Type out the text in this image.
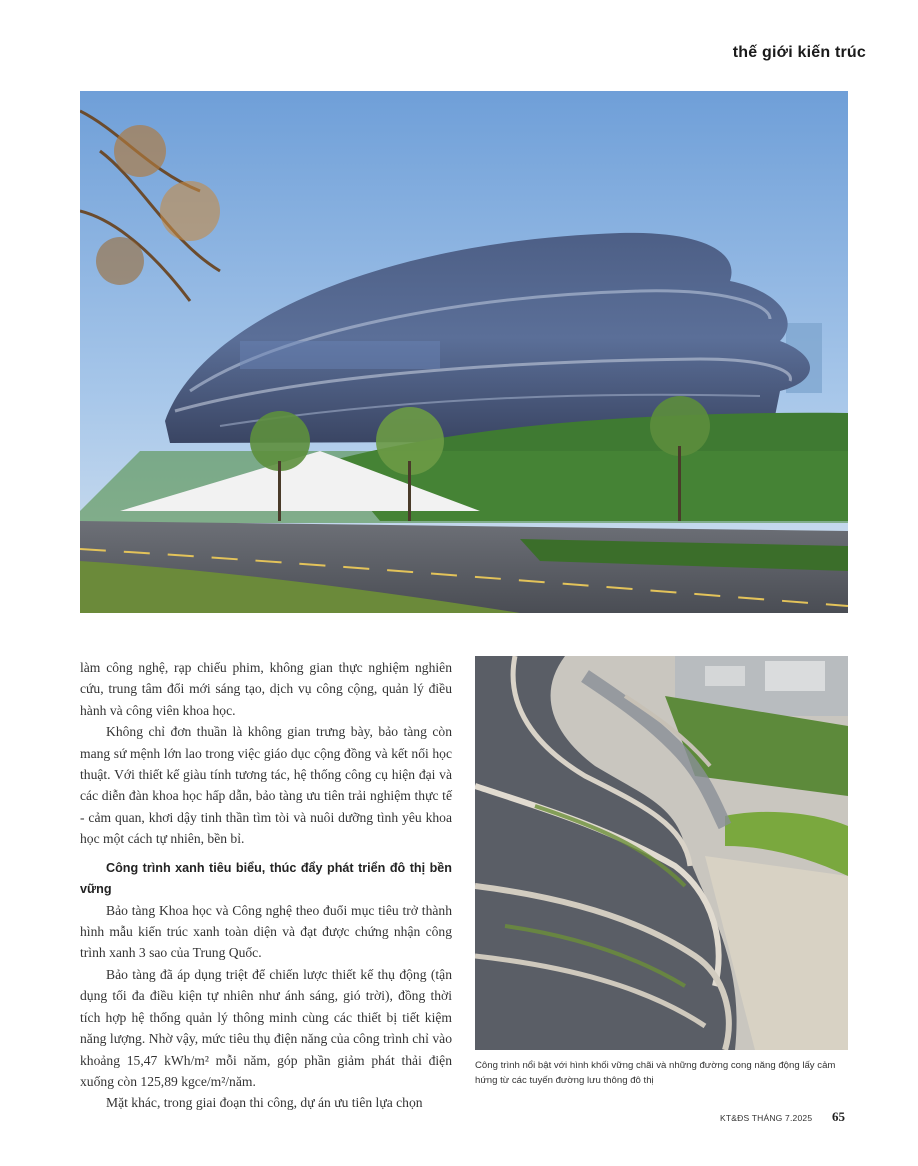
thế giới kiến trúc

làm công nghệ, rạp chiếu phim, không gian thực nghiệm nghiên cứu, trung tâm đổi mới sáng tạo, dịch vụ công cộng, quản lý điều hành và công viên khoa học.

Không chỉ đơn thuần là không gian trưng bày, bảo tàng còn mang sứ mệnh lớn lao trong việc giáo dục cộng đồng và kết nối học thuật. Với thiết kế giàu tính tương tác, hệ thống công cụ hiện đại và các diễn đàn khoa học hấp dẫn, bảo tàng ưu tiên trải nghiệm thực tế - cảm quan, khơi dậy tinh thần tìm tòi và nuôi dưỡng tình yêu khoa học một cách tự nhiên, bền bỉ.

Công trình xanh tiêu biểu, thúc đẩy phát triển đô thị bền vững

Bảo tàng Khoa học và Công nghệ theo đuổi mục tiêu trở thành hình mẫu kiến trúc xanh toàn diện và đạt được chứng nhận công trình xanh 3 sao của Trung Quốc.

Bảo tàng đã áp dụng triệt để chiến lược thiết kế thụ động (tận dụng tối đa điều kiện tự nhiên như ánh sáng, gió trời), đồng thời tích hợp hệ thống quản lý thông minh cùng các thiết bị tiết kiệm năng lượng. Nhờ vậy, mức tiêu thụ điện năng của công trình chỉ vào khoảng 15,47 kWh/m² mỗi năm, góp phần giảm phát thải điện xuống còn 125,89 kgce/m²/năm.

Mặt khác, trong giai đoạn thi công, dự án ưu tiên lựa chọn

Công trình nổi bật với hình khối vững chãi và những đường cong năng động lấy cảm hứng từ các tuyến đường lưu thông đô thị
KT&ĐS THÁNG 7.2025 65
